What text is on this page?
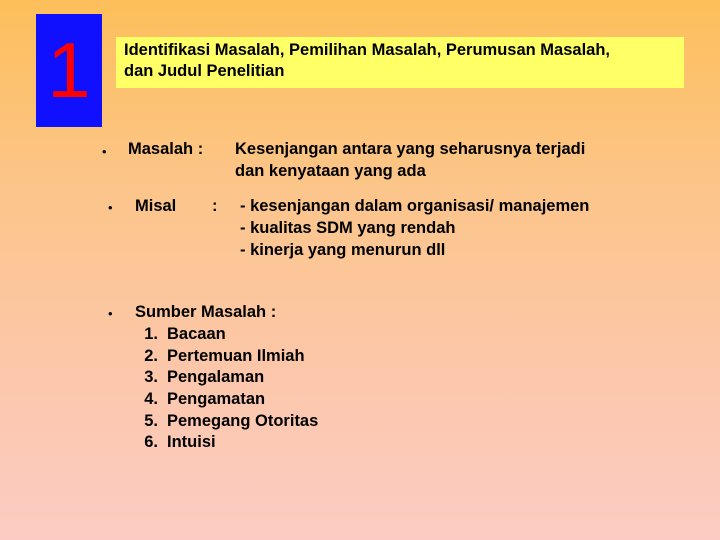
1	Identifikasi Masalah, Pemilihan Masalah, Perumusan Masalah,
dan Judul Penelitian
• Masalah : Kesenjangan antara yang seharusnya terjadi
dan kenyataan yang ada
• Misal : - kesenjangan dalam organisasi/ manajemen
- kualitas SDM yang rendah
- kinerja yang menurun dll
• Sumber Masalah :
1. Bacaan
2. Pertemuan Ilmiah
3. Pengalaman
4. Pengamatan
5. Pemegang Otoritas
6. Intuisi
